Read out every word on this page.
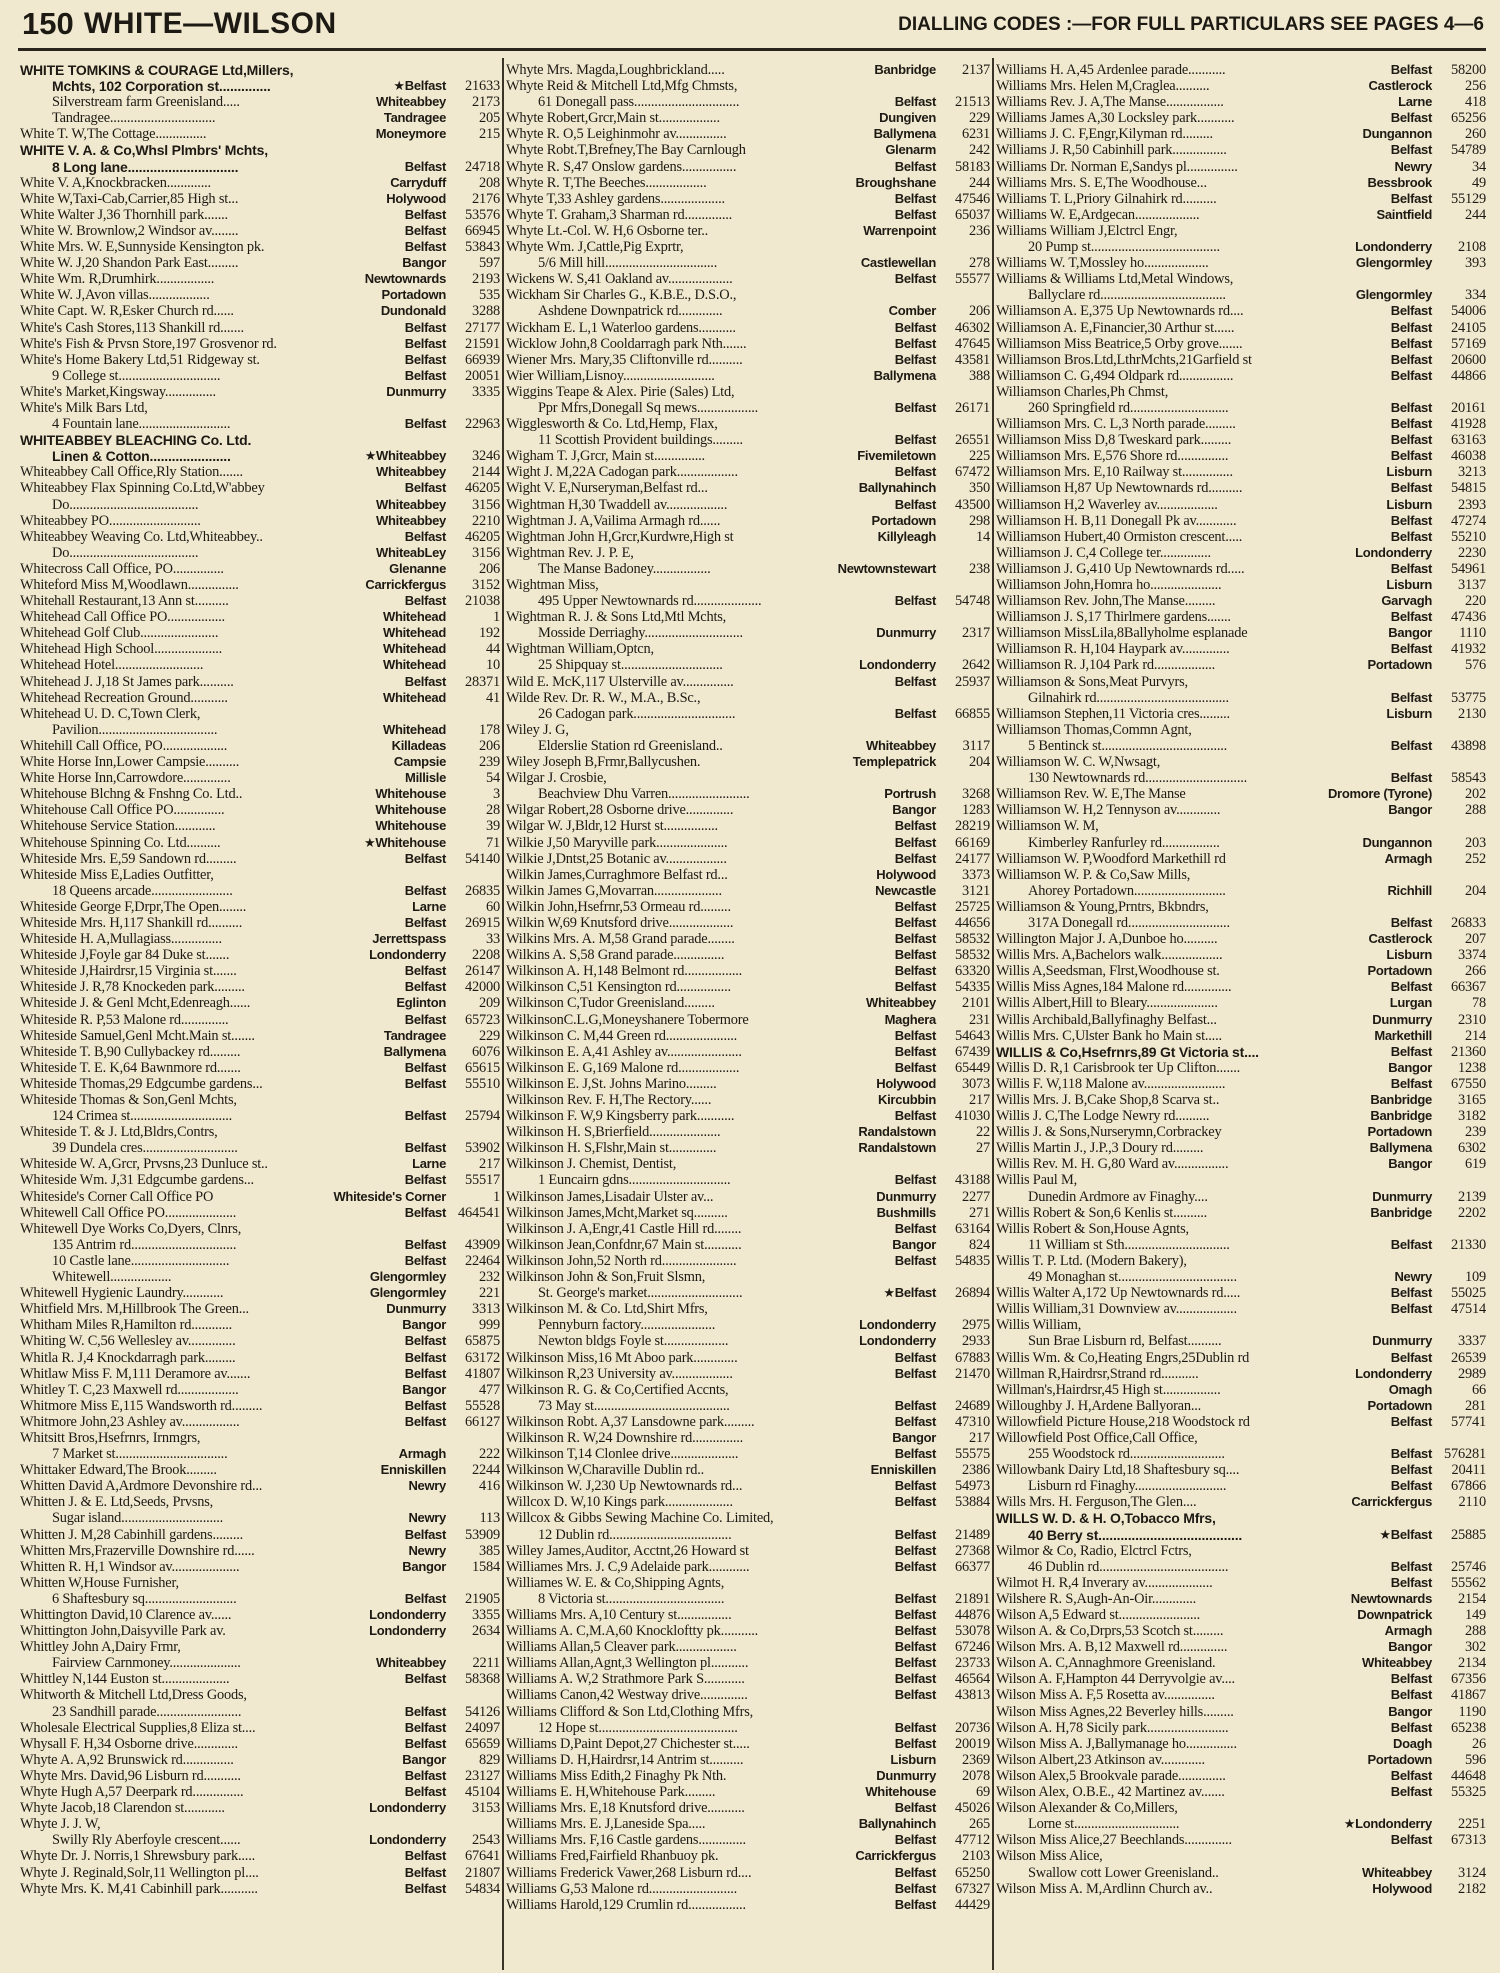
150 WHITE—WILSON	DIALLING CODES :—FOR FULL PARTICULARS SEE PAGES 4—6
WHITE TOMKINS & COURAGE Ltd,Millers,
Mchts, 102 Corporation st..............	★Belfast 21633
Silverstream farm Greenisland.....	Whiteabbey 2173
Tandragee...............................	Tandragee 205
White T. W,The Cottage...............	Moneymore 215
WHITE V. A. & Co,Whsl Plmbrs' Mchts,
8 Long lane..............................	Belfast 24718
White V. A,Knockbracken.............	Carryduff 208
White W,Taxi-Cab,Carrier,85 High st...	Holywood 2176
White Walter J,36 Thornhill park.......	Belfast 53576
White W. Brownlow,2 Windsor av........	Belfast 66945
White Mrs. W. E,Sunnyside Kensington pk.	Belfast 53843
White W. J,20 Shandon Park East.........	Bangor 597
White Wm. R,Drumhirk.................	Newtownards 2193
White W. J,Avon villas..................	Portadown 535
White Capt. W. R,Esker Church rd......	Dundonald 3288
White's Cash Stores,113 Shankill rd.......	Belfast 27177
White's Fish & Prvsn Store,197 Grosvenor rd.	Belfast 21591
White's Home Bakery Ltd,51 Ridgeway st.	Belfast 66939
9 College st..............................	Belfast 20051
White's Market,Kingsway...............	Dunmurry 3335
White's Milk Bars Ltd,
4 Fountain lane...........................	Belfast 22963
WHITEABBEY BLEACHING Co. Ltd.
Linen & Cotton......................	★Whiteabbey 3246
Whiteabbey Call Office,Rly Station.......	Whiteabbey 2144
Whiteabbey Flax Spinning Co.Ltd,W'abbey	Belfast 46205
Do......................................	Whiteabbey 3156
Whiteabbey PO...........................	Whiteabbey 2210
Whiteabbey Weaving Co. Ltd,Whiteabbey..	Belfast 46205
Do......................................	WhiteabLey 3156
Whitecross Call Office, PO...............	Glenanne 206
Whiteford Miss M,Woodlawn...............	Carrickfergus 3152
Whitehall Restaurant,13 Ann st..........	Belfast 21038
Whitehead Call Office PO.................	Whitehead	1
Whitehead Golf Club.......................	Whitehead 192
Whitehead High School....................	Whitehead	44
Whitehead Hotel..........................	Whitehead	10
Whitehead J. J,18 St James park..........	Belfast 28371
Whitehead Recreation Ground...........	Whitehead	41
Whitehead U. D. C,Town Clerk,
Pavilion...................................	Whitehead 178
Whitehill Call Office, PO...................	Killadeas 206
White Horse Inn,Lower Campsie..........	Campsie 239
White Horse Inn,Carrowdore..............	Millisle	54
Whitehouse Blchng & Fnshng Co. Ltd..	Whitehouse	3
Whitehouse Call Office PO...............	Whitehouse	28
Whitehouse Service Station............	Whitehouse	39
Whitehouse Spinning Co. Ltd..........	★Whitehouse	71
Whiteside Mrs. E,59 Sandown rd.........	Belfast 54140
Whiteside Miss E,Ladies Outfitter,
18 Queens arcade........................	Belfast 26835
Whiteside George F,Drpr,The Open........	Larne	60
Whiteside Mrs. H,117 Shankill rd..........	Belfast 26915
Whiteside H. A,Mullagiass...............	Jerrettspass	33
Whiteside J,Foyle gar 84 Duke st.......	Londonderry 2208
Whiteside J,Hairdrsr,15 Virginia st.......	Belfast 26147
Whiteside J. R,78 Knockeden park.........	Belfast 42000
Whiteside J. & Genl Mcht,Edenreagh......	Eglinton 209
Whiteside R. P,53 Malone rd..............	Belfast 65723
Whiteside Samuel,Genl Mcht.Main st.......	Tandragee 229
Whiteside T. B,90 Cullybackey rd.........	Ballymena 6076
Whiteside T. E. K,64 Bawnmore rd.......	Belfast 65615
Whiteside Thomas,29 Edgcumbe gardens...	Belfast 55510
Whiteside Thomas & Son,Genl Mchts,
124 Crimea st..............................	Belfast 25794
Whiteside T. & J. Ltd,Bldrs,Contrs,
39 Dundela cres............................	Belfast 53902
Whiteside W. A,Grcr, Prvsns,23 Dunluce st..	Larne 217
Whiteside Wm. J,31 Edgcumbe gardens...	Belfast 55517
Whiteside's Corner Call Office PO	Whiteside's Corner	1
Whitewell Call Office PO.....................	Belfast 464541
Whitewell Dye Works Co,Dyers, Clnrs,
135 Antrim rd...............................	Belfast 43909
10 Castle lane.............................	Belfast 22464
Whitewell..................	Glengormley 232
Whitewell Hygienic Laundry............	Glengormley 221
Whitfield Mrs. M,Hillbrook The Green...	Dunmurry 3313
Whitham Miles R,Hamilton rd............	Bangor 999
Whiting W. C,56 Wellesley av..............	Belfast 65875
Whitla R. J,4 Knockdarragh park.........	Belfast 63172
Whitlaw Miss F. M,111 Deramore av.......	Belfast 41807
Whitley T. C,23 Maxwell rd..................	Bangor 477
Whitmore Miss E,115 Wandsworth rd.........	Belfast 55528
Whitmore John,23 Ashley av.................	Belfast 66127
Whitsitt Bros,Hsefrnrs, Irnmgrs,
7 Market st.................................	Armagh 222
Whittaker Edward,The Brook.........	Enniskillen 2244
Whitten David A,Ardmore Devonshire rd...	Newry 416
Whitten J. & E. Ltd,Seeds, Prvsns,
Sugar island..............................	Newry 113
Whitten J. M,28 Cabinhill gardens.........	Belfast 53909
Whitten Mrs,Frazerville Downshire rd......	Newry 385
Whitten R. H,1 Windsor av....................	Bangor 1584
Whitten W,House Furnisher,
6 Shaftesbury sq...........................	Belfast 21905
Whittington David,10 Clarence av......	Londonderry 3355
Whittington John,Daisyville Park av.	Londonderry 2634
Whittley John A,Dairy Frmr,
Fairview Carnmoney.....................	Whiteabbey 2211
Whittley N,144 Euston st....................	Belfast 58368
Whitworth & Mitchell Ltd,Dress Goods,
23 Sandhill parade.........................	Belfast 54126
Wholesale Electrical Supplies,8 Eliza st....	Belfast 24097
Whysall F. H,34 Osborne drive.............	Belfast 65659
Whyte A. A,92 Brunswick rd...............	Bangor 829
Whyte Mrs. David,96 Lisburn rd...........	Belfast 23127
Whyte Hugh A,57 Deerpark rd...............	Belfast 45104
Whyte Jacob,18 Clarendon st............	Londonderry 3153
Whyte J. J. W,
Swilly Rly Aberfoyle crescent......	Londonderry 2543
Whyte Dr. J. Norris,1 Shrewsbury park.....	Belfast 67641
Whyte J. Reginald,Solr,11 Wellington pl....	Belfast 21807
Whyte Mrs. K. M,41 Cabinhill park...........	Belfast 54834
Whyte Mrs. Magda,Loughbrickland.....	Banbridge 2137
Whyte Reid & Mitchell Ltd,Mfg Chmsts,
61 Donegall pass...............................	Belfast 21513
Whyte Robert,Grcr,Main st..................	Dungiven 229
Whyte R. O,5 Leighinmohr av...............	Ballymena 6231
Whyte Robt.T,Brefney,The Bay Carnlough	Glenarm 242
Whyte R. S,47 Onslow gardens................	Belfast 58183
Whyte R. T,The Beeches..................	Broughshane 244
Whyte T,33 Ashley gardens...................	Belfast 47546
Whyte T. Graham,3 Sharman rd..............	Belfast 65037
Whyte Lt.-Col. W. H,6 Osborne ter..	Warrenpoint 236
Whyte Wm. J,Cattle,Pig Exprtr,
5/6 Mill hill.................................	Castlewellan 278
Wickens W. S,41 Oakland av...................	Belfast 55577
Wickham Sir Charles G., K.B.E., D.S.O.,
Ashdene Downpatrick rd.............	Comber 206
Wickham E. L,1 Waterloo gardens...........	Belfast 46302
Wicklow John,8 Cooldarragh park Nth.......	Belfast 47645
Wiener Mrs. Mary,35 Cliftonville rd..........	Belfast 43581
Wier William,Lisnoy...........................	Ballymena 388
Wiggins Teape & Alex. Pirie (Sales) Ltd,
Ppr Mfrs,Donegall Sq mews..................	Belfast 26171
Wigglesworth & Co. Ltd,Hemp, Flax,
11 Scottish Provident buildings.........	Belfast 26551
Wigham T. J,Grcr, Main st...............	Fivemiletown 225
Wight J. M,22A Cadogan park..................	Belfast 67472
Wight V. E,Nurseryman,Belfast rd...	Ballynahinch 350
Wightman H,30 Twaddell av..................	Belfast 43500
Wightman J. A,Vailima Armagh rd......	Portadown 298
Wightman John H,Grcr,Kurdwre,High st	Killyleagh	14
Wightman Rev. J. P. E,
The Manse Badoney.................	Newtownstewart 238
Wightman Miss,
495 Upper Newtownards rd....................	Belfast 54748
Wightman R. J. & Sons Ltd,Mtl Mchts,
Mosside Derriaghy.............................	Dunmurry 2317
Wightman William,Optcn,
25 Shipquay st..............................	Londonderry 2642
Wild E. McK,117 Ulsterville av...............	Belfast 25937
Wilde Rev. Dr. R. W., M.A., B.Sc.,
26 Cadogan park..............................	Belfast 66855
Wiley J. G,
Elderslie Station rd Greenisland..	Whiteabbey 3117
Wiley Joseph B,Frmr,Ballycushen.	Templepatrick 204
Wilgar J. Crosbie,
Beachview Dhu Varren........................	Portrush 3268
Wilgar Robert,28 Osborne drive..............	Bangor 1283
Wilgar W. J,Bldr,12 Hurst st................	Belfast 28219
Wilkie J,50 Maryville park.....................	Belfast 66169
Wilkie J,Dntst,25 Botanic av..................	Belfast 24177
Wilkin James,Curraghmore Belfast rd...	Holywood 3373
Wilkin James G,Movarran....................	Newcastle 3121
Wilkin John,Hsefrnr,53 Ormeau rd.........	Belfast 25725
Wilkin W,69 Knutsford drive...................	Belfast 44656
Wilkins Mrs. A. M,58 Grand parade........	Belfast 58532
Wilkins A. S,58 Grand parade...............	Belfast 58532
Wilkinson A. H,148 Belmont rd.................	Belfast 63320
Wilkinson C,51 Kensington rd................	Belfast 54335
Wilkinson C,Tudor Greenisland.........	Whiteabbey 2101
WilkinsonC.L.G,Moneyshanere Tobermore	Maghera 231
Wilkinson C. M,44 Green rd.....................	Belfast 54643
Wilkinson E. A,41 Ashley av......................	Belfast 67439
Wilkinson E. G,169 Malone rd..................	Belfast 65449
Wilkinson E. J,St. Johns Marino.........	Holywood 3073
Wilkinson Rev. F. H,The Rectory......	Kircubbin 217
Wilkinson F. W,9 Kingsberry park...........	Belfast 41030
Wilkinson H. S,Brierfield.....................	Randalstown	22
Wilkinson H. S,Flshr,Main st..............	Randalstown	27
Wilkinson J. Chemist, Dentist,
1 Euncairn gdns..............................	Belfast 43188
Wilkinson James,Lisadair Ulster av...	Dunmurry 2277
Wilkinson James,Mcht,Market sq..........	Bushmills 271
Wilkinson J. A,Engr,41 Castle Hill rd........	Belfast 63164
Wilkinson Jean,Confdnr,67 Main st...........	Bangor 824
Wilkinson John,52 North rd......................	Belfast 54835
Wilkinson John & Son,Fruit Slsmn,
St. George's market............................	★Belfast 26894
Wilkinson M. & Co. Ltd,Shirt Mfrs,
Pennyburn factory......................	Londonderry 2975
Newton bldgs Foyle st...................	Londonderry 2933
Wilkinson Miss,16 Mt Aboo park.............	Belfast 67883
Wilkinson R,23 University av..................	Belfast 21470
Wilkinson R. G. & Co,Certified Accnts,
73 May st........................................	Belfast 24689
Wilkinson Robt. A,37 Lansdowne park.........	Belfast 47310
Wilkinson R. W,24 Downshire rd...............	Bangor 217
Wilkinson T,14 Clonlee drive....................	Belfast 55575
Wilkinson W,Charaville Dublin rd..	Enniskillen 2386
Wilkinson W. J,230 Up Newtownards rd...	Belfast 54973
Willcox D. W,10 Kings park....................	Belfast 53884
Willcox & Gibbs Sewing Machine Co. Limited,
12 Dublin rd....................................	Belfast 21489
Willey James,Auditor, Acctnt,26 Howard st	Belfast 27368
Williames Mrs. J. C,9 Adelaide park............	Belfast 66377
Williames W. E. & Co,Shipping Agnts,
8 Victoria st...................................	Belfast 21891
Williams Mrs. A,10 Century st................	Belfast 44876
Williams A. C,M.A,60 Knockloftty pk...........	Belfast 53078
Williams Allan,5 Cleaver park..................	Belfast 67246
Williams Allan,Agnt,3 Wellington pl...........	Belfast 23733
Williams A. W,2 Strathmore Park S............	Belfast 46564
Williams Canon,42 Westway drive..............	Belfast 43813
Williams Clifford & Son Ltd,Clothing Mfrs,
12 Hope st.........................................	Belfast 20736
Williams D,Paint Depot,27 Chichester st.....	Belfast 20019
Williams D. H,Hairdrsr,14 Antrim st..........	Lisburn 2369
Williams Miss Edith,2 Finaghy Pk Nth.	Dunmurry 2078
Williams E. H,Whitehouse Park.........	Whitehouse	69
Williams Mrs. E,18 Knutsford drive...........	Belfast 45026
Williams Mrs. E. J,Laneside Spa.....	Ballynahinch 265
Williams Mrs. F,16 Castle gardens..............	Belfast 47712
Williams Fred,Fairfield Rhanbuoy pk.	Carrickfergus 2103
Williams Frederick Vawer,268 Lisburn rd....	Belfast 65250
Williams G,53 Malone rd..........................	Belfast 67327
Williams Harold,129 Crumlin rd.................	Belfast 44429
Williams H. A,45 Ardenlee parade...........	Belfast 58200
Williams Mrs. Helen M,Craglea..........	Castlerock 256
Williams Rev. J. A,The Manse.................	Larne 418
Williams James A,30 Locksley park...........	Belfast 65256
Williams J. C. F,Engr,Kilyman rd.........	Dungannon 260
Williams J. R,50 Cabinhill park................	Belfast 54789
Williams Dr. Norman E,Sandys pl...............	Newry	34
Williams Mrs. S. E,The Woodhouse...	Bessbrook	49
Williams T. L,Priory Gilnahirk rd..........	Belfast 55129
Williams W. E,Ardgecan...................	Saintfield 244
Williams William J,Elctrcl Engr,
20 Pump st......................................	Londonderry 2108
Williams W. T,Mossley ho...................	Glengormley 393
Williams & Williams Ltd,Metal Windows,
Ballyclare rd.....................................	Glengormley 334
Williamson A. E,375 Up Newtownards rd....	Belfast 54006
Williamson A. E,Financier,30 Arthur st......	Belfast 24105
Williamson Miss Beatrice,5 Orby grove.......	Belfast 57169
Williamson Bros.Ltd,LthrMchts,21Garfield st	Belfast 20600
Williamson C. G,494 Oldpark rd................	Belfast 44866
Williamson Charles,Ph Chmst,
260 Springfield rd.............................	Belfast 20161
Williamson Mrs. C. L,3 North parade.........	Belfast 41928
Williamson Miss D,8 Tweskard park.........	Belfast 63163
Williamson Mrs. E,576 Shore rd...............	Belfast 46038
Williamson Mrs. E,10 Railway st...............	Lisburn 3213
Williamson H,87 Up Newtownards rd..........	Belfast 54815
Williamson H,2 Waverley av..................	Lisburn 2393
Williamson H. B,11 Donegall Pk av............	Belfast 47274
Williamson Hubert,40 Ormiston crescent.....	Belfast 55210
Williamson J. C,4 College ter...............	Londonderry 2230
Williamson J. G,410 Up Newtownards rd.....	Belfast 54961
Williamson John,Homra ho.....................	Lisburn 3137
Williamson Rev. John,The Manse.........	Garvagh 220
Williamson J. S,17 Thirlmere gardens.......	Belfast 47436
Williamson MissLila,8Ballyholme esplanade	Bangor 1110
Williamson R. H,104 Haypark av..............	Belfast 41932
Williamson R. J,104 Park rd..................	Portadown 576
Williamson & Sons,Meat Purvyrs,
Gilnahirk rd.......................................	Belfast 53775
Williamson Stephen,11 Victoria cres.........	Lisburn 2130
Williamson Thomas,Commn Agnt,
5 Bentinck st.....................................	Belfast 43898
Williamson W. C. W,Nwsagt,
130 Newtownards rd..............................	Belfast 58543
Williamson Rev. W. E,The Manse	Dromore (Tyrone) 202
Williamson W. H,2 Tennyson av.............	Bangor 288
Williamson W. M,
Kimberley Ranfurley rd.................	Dungannon 203
Williamson W. P,Woodford Markethill rd	Armagh 252
Williamson W. P. & Co,Saw Mills,
Ahorey Portadown...........................	Richhill 204
Williamson & Young,Prntrs, Bkbndrs,
317A Donegall rd..............................	Belfast 26833
Willington Major J. A,Dunboe ho..........	Castlerock 207
Willis Mrs. A,Bachelors walk..................	Lisburn 3374
Willis A,Seedsman, Flrst,Woodhouse st.	Portadown 266
Willis Miss Agnes,184 Malone rd..............	Belfast 66367
Willis Albert,Hill to Bleary.....................	Lurgan	78
Willis Archibald,Ballyfinaghy Belfast...	Dunmurry 2310
Willis Mrs. C,Ulster Bank ho Main st.....	Markethill 214
WILLIS & Co,Hsefrnrs,89 Gt Victoria st....	Belfast 21360
Willis D. R,1 Carisbrook ter Up Clifton.......	Bangor 1238
Willis F. W,118 Malone av........................	Belfast 67550
Willis Mrs. J. B,Cake Shop,8 Scarva st..	Banbridge 3165
Willis J. C,The Lodge Newry rd..........	Banbridge 3182
Willis J. & Sons,Nurserymn,Corbrackey	Portadown 239
Willis Martin J., J.P.,3 Doury rd.........	Ballymena 6302
Willis Rev. M. H. G,80 Ward av................	Bangor 619
Willis Paul M,
Dunedin Ardmore av Finaghy....	Dunmurry 2139
Willis Robert & Son,6 Kenlis st..........	Banbridge 2202
Willis Robert & Son,House Agnts,
11 William st Sth...............................	Belfast 21330
Willis T. P. Ltd. (Modern Bakery),
49 Monaghan st...................................	Newry 109
Willis Walter A,172 Up Newtownards rd.....	Belfast 55025
Willis William,31 Downview av..................	Belfast 47514
Willis William,
Sun Brae Lisburn rd, Belfast..........	Dunmurry 3337
Willis Wm. & Co,Heating Engrs,25Dublin rd	Belfast 26539
Willman R,Hairdrsr,Strand rd...........	Londonderry 2989
Willman's,Hairdrsr,45 High st.................	Omagh	66
Willoughby J. H,Ardene Ballyoran...	Portadown 281
Willowfield Picture House,218 Woodstock rd	Belfast 57741
Willowfield Post Office,Call Office,
255 Woodstock rd............................	Belfast 576281
Willowbank Dairy Ltd,18 Shaftesbury sq....	Belfast 20411
Lisburn rd Finaghy...........................	Belfast 67866
Wills Mrs. H. Ferguson,The Glen....	Carrickfergus 2110
WILLS W. D. & H. O,Tobacco Mfrs,
40 Berry st.......................................	★Belfast 25885
Wilmor & Co, Radio, Elctrcl Fctrs,
46 Dublin rd......................................	Belfast 25746
Wilmot H. R,4 Inverary av....................	Belfast 55562
Wilshere R. S,Augh-An-Oir.............	Newtownards 2154
Wilson A,5 Edward st........................	Downpatrick 149
Wilson A. & Co,Drprs,53 Scotch st.........	Armagh 288
Wilson Mrs. A. B,12 Maxwell rd..............	Bangor 302
Wilson A. C,Annaghmore Greenisland.	Whiteabbey 2134
Wilson A. F,Hampton 44 Derryvolgie av....	Belfast 67356
Wilson Miss A. F,5 Rosetta av...............	Belfast 41867
Wilson Miss Agnes,22 Beverley hills.........	Bangor 1190
Wilson A. H,78 Sicily park........................	Belfast 65238
Wilson Miss A. J,Ballymanage ho...............	Doagh	26
Wilson Albert,23 Atkinson av.............	Portadown 596
Wilson Alex,5 Brookvale parade..............	Belfast 44648
Wilson Alex, O.B.E., 42 Martinez av.......	Belfast 55325
Wilson Alexander & Co,Millers,
Lorne st...............................	★Londonderry 2251
Wilson Miss Alice,27 Beechlands..............	Belfast 67313
Wilson Miss Alice,
Swallow cott Lower Greenisland..	Whiteabbey 3124
Wilson Miss A. M,Ardlinn Church av..	Holywood 2182
